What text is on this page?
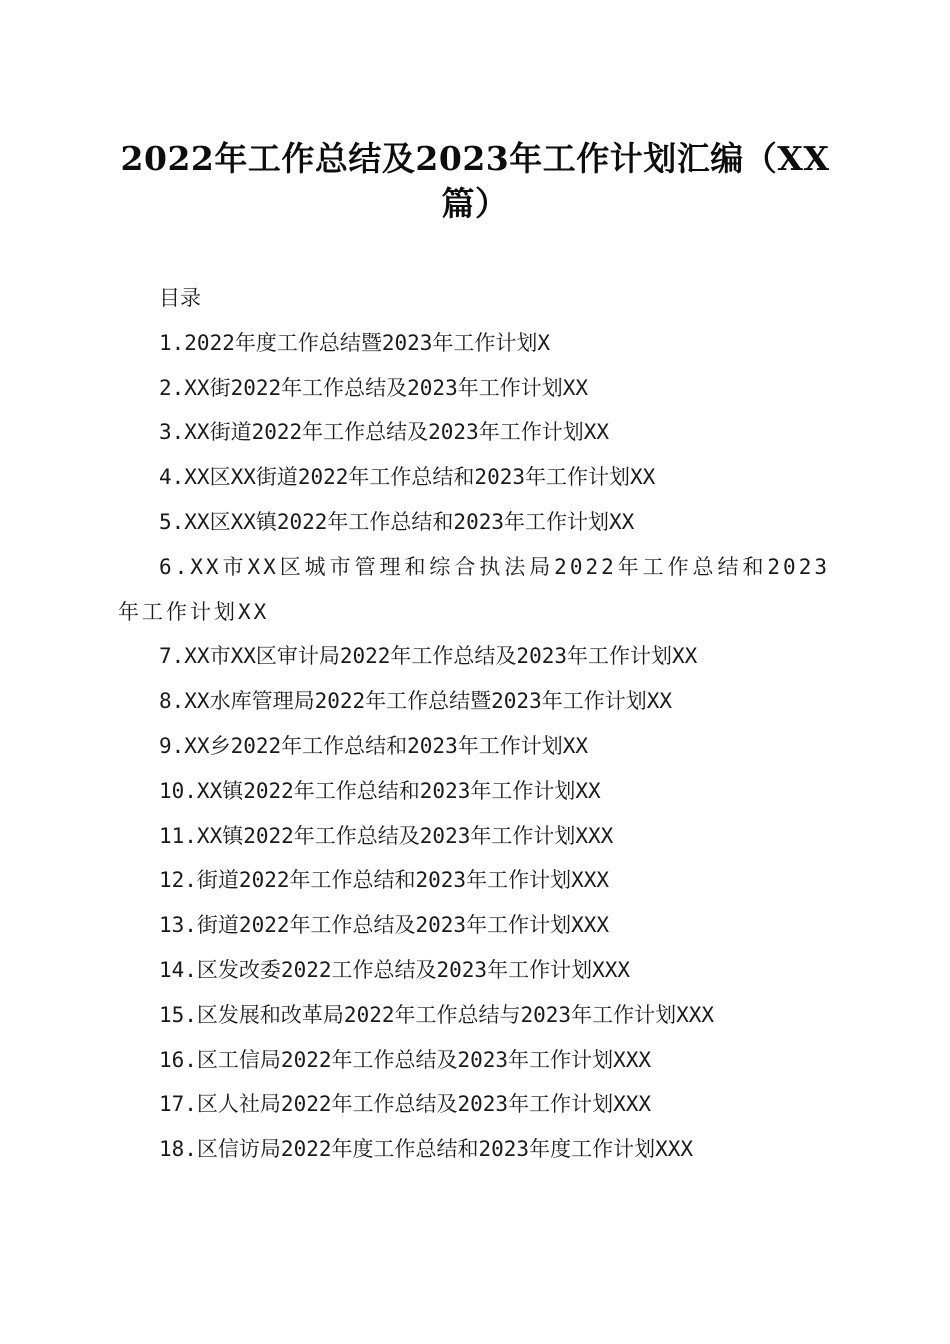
2022年工作总结及2023年工作计划汇编（XX篇）
目录
1.2022年度工作总结暨2023年工作计划X
2.XX街2022年工作总结及2023年工作计划XX
3.XX街道2022年工作总结及2023年工作计划XX
4.XX区XX街道2022年工作总结和2023年工作计划XX
5.XX区XX镇2022年工作总结和2023年工作计划XX
6.XX市XX区城市管理和综合执法局2022年工作总结和2023年工作计划XX
7.XX市XX区审计局2022年工作总结及2023年工作计划XX
8.XX水库管理局2022年工作总结暨2023年工作计划XX
9.XX乡2022年工作总结和2023年工作计划XX
10.XX镇2022年工作总结和2023年工作计划XX
11.XX镇2022年工作总结及2023年工作计划XXX
12.街道2022年工作总结和2023年工作计划XXX
13.街道2022年工作总结及2023年工作计划XXX
14.区发改委2022工作总结及2023年工作计划XXX
15.区发展和改革局2022年工作总结与2023年工作计划XXX
16.区工信局2022年工作总结及2023年工作计划XXX
17.区人社局2022年工作总结及2023年工作计划XXX
18.区信访局2022年度工作总结和2023年度工作计划XXX
